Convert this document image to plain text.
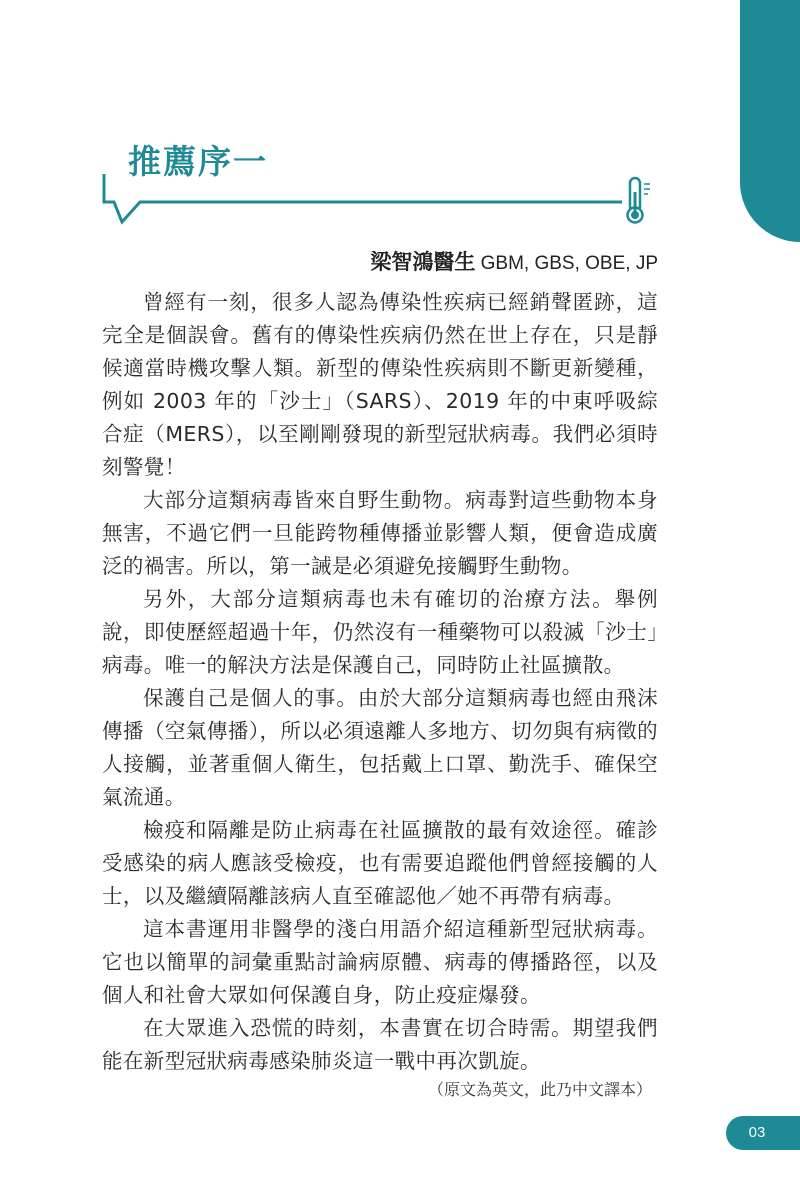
推薦序一

梁智鴻醫生 GBM, GBS, OBE, JP

曾經有一刻，很多人認為傳染性疾病已經銷聲匿跡，這完全是個誤會。舊有的傳染性疾病仍然在世上存在，只是靜候適當時機攻擊人類。新型的傳染性疾病則不斷更新變種，例如 2003 年的「沙士」（SARS）、2019 年的中東呼吸綜合症（MERS），以至剛剛發現的新型冠狀病毒。我們必須時刻警覺！

大部分這類病毒皆來自野生動物。病毒對這些動物本身無害，不過它們一旦能跨物種傳播並影響人類，便會造成廣泛的禍害。所以，第一誡是必須避免接觸野生動物。

另外，大部分這類病毒也未有確切的治療方法。舉例說，即使歷經超過十年，仍然沒有一種藥物可以殺滅「沙士」病毒。唯一的解決方法是保護自己，同時防止社區擴散。

保護自己是個人的事。由於大部分這類病毒也經由飛沫傳播（空氣傳播），所以必須遠離人多地方、切勿與有病徵的人接觸，並著重個人衛生，包括戴上口罩、勤洗手、確保空氣流通。

檢疫和隔離是防止病毒在社區擴散的最有效途徑。確診受感染的病人應該受檢疫，也有需要追蹤他們曾經接觸的人士，以及繼續隔離該病人直至確認他／她不再帶有病毒。

這本書運用非醫學的淺白用語介紹這種新型冠狀病毒。它也以簡單的詞彙重點討論病原體、病毒的傳播路徑，以及個人和社會大眾如何保護自身，防止疫症爆發。

在大眾進入恐慌的時刻，本書實在切合時需。期望我們能在新型冠狀病毒感染肺炎這一戰中再次凱旋。

（原文為英文，此乃中文譯本）

03
